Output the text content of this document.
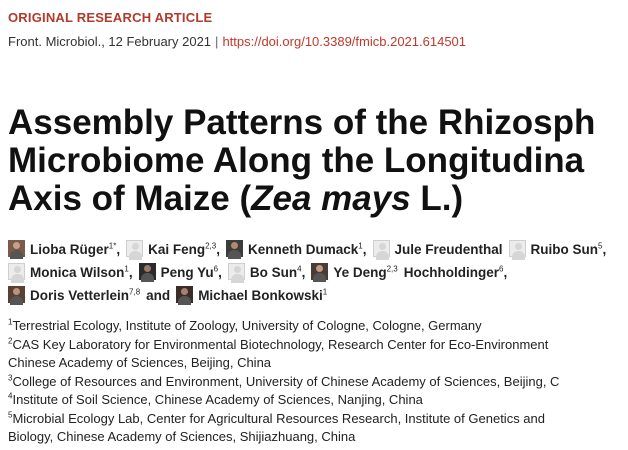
ORIGINAL RESEARCH ARTICLE
Front. Microbiol., 12 February 2021 | https://doi.org/10.3389/fmicb.2021.614501
Assembly Patterns of the Rhizosph
Microbiome Along the Longitudina
Axis of Maize (Zea mays L.)
Lioba Rüger$^{1*}$, Kai Feng$^{2,3}$, Kenneth Dumack$^1$, Jule Freudenthal Ruibo Sun$^5$,
Monica Wilson$^1$, Peng Yu$^6$, Bo Sun$^4$, Ye Deng$^{2,3}$ Hochholdinger$^6$,
Doris Vetterlein$^{7,8}$ and Michael Bonkowski$^1$
$^1$Terrestrial Ecology, Institute of Zoology, University of Cologne, Cologne, Germany
$^2$CAS Key Laboratory for Environmental Biotechnology, Research Center for Eco-Environment
Chinese Academy of Sciences, Beijing, China
$^3$College of Resources and Environment, University of Chinese Academy of Sciences, Beijing, C
$^4$Institute of Soil Science, Chinese Academy of Sciences, Nanjing, China
$^5$Microbial Ecology Lab, Center for Agricultural Resources Research, Institute of Genetics and
Biology, Chinese Academy of Sciences, Shijiazhuang, China
